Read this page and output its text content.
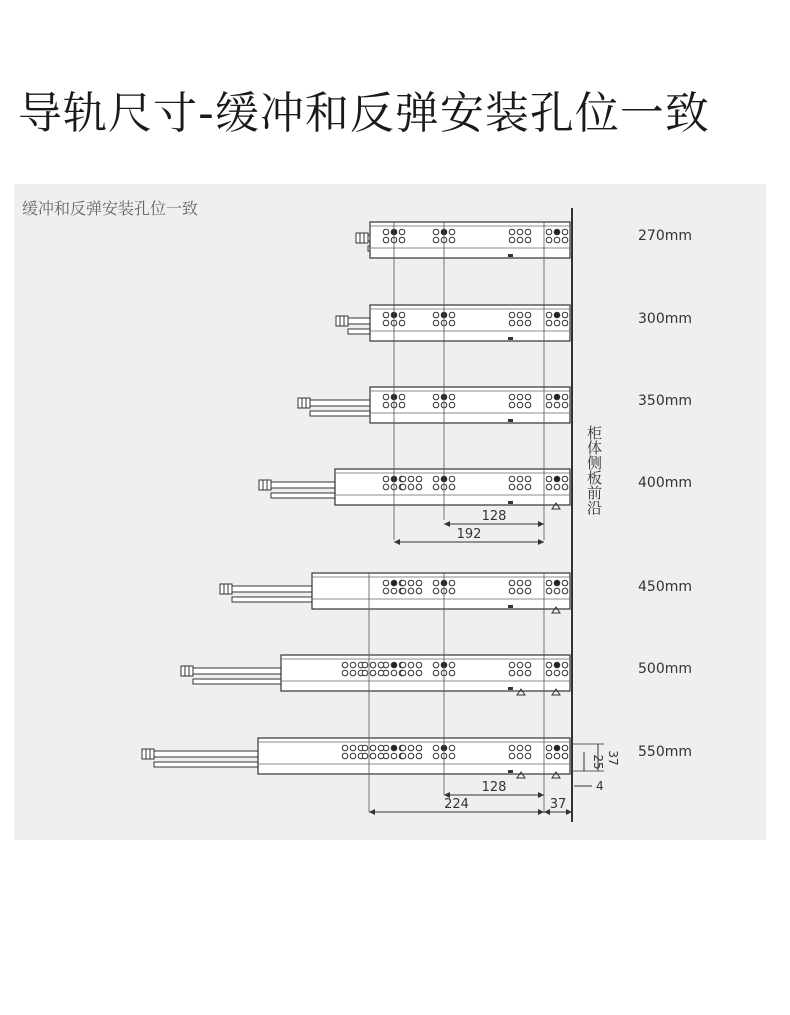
导轨尺寸-缓冲和反弹安装孔位一致
缓冲和反弹安装孔位一致
128
192
128
224	37
25 37
4
柜体侧板前沿
270mm
300mm
350mm
400mm
450mm
500mm
550mm
